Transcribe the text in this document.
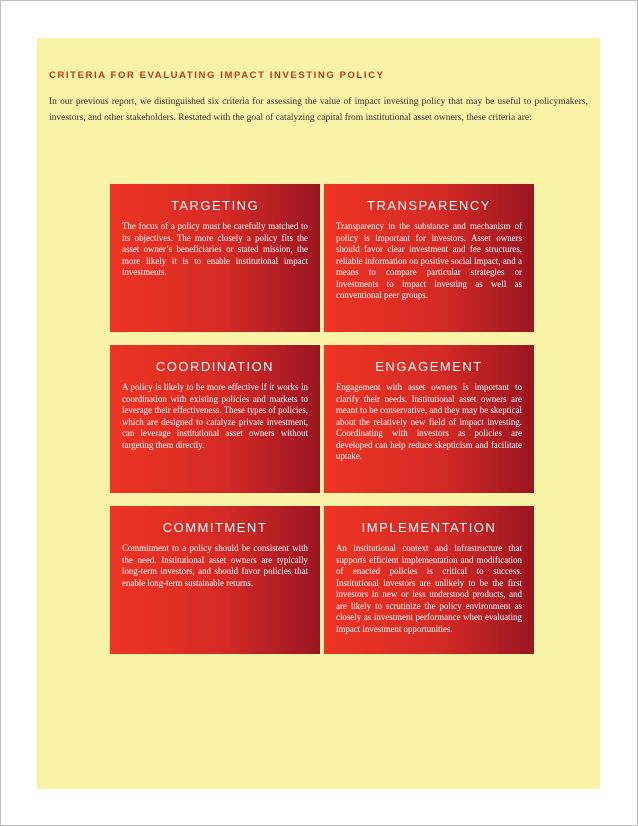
CRITERIA FOR EVALUATING IMPACT INVESTING POLICY

In our previous report, we distinguished six criteria for assessing the value of impact investing policy that may be useful to policymakers, investors, and other stakeholders. Restated with the goal of catalyzing capital from institutional asset owners, these criteria are:

TARGETING
The focus of a policy must be carefully matched to its objectives. The more closely a policy fits the asset owner’s beneficiaries or stated mission, the more likely it is to enable institutional impact investments.
TRANSPARENCY
Transparency in the substance and mechanism of policy is important for investors. Asset owners should favor clear investment and fee structures, reliable information on positive social impact, and a means to compare particular strategies or investments to impact investing as well as conventional peer groups.
COORDINATION
A policy is likely to be more effective if it works in coordination with existing policies and markets to leverage their effectiveness. These types of policies, which are designed to catalyze private investment, can leverage institutional asset owners without targeting them directly.
ENGAGEMENT
Engagement with asset owners is important to clarify their needs. Institutional asset owners are meant to be conservative, and they may be skeptical about the relatively new field of impact investing. Coordinating with investors as policies are developed can help reduce skepticism and facilitate uptake.
COMMITMENT
Commitment to a policy should be consistent with the need. Institutional asset owners are typically long-term investors, and should favor policies that enable long-term sustainable returns.
IMPLEMENTATION
An institutional context and infrastructure that supports efficient implementation and modification of enacted policies is critical to success. Institutional investors are unlikely to be the first investors in new or less understood products, and are likely to scrutinize the policy environment as closely as investment performance when evaluating impact investment opportunities.
